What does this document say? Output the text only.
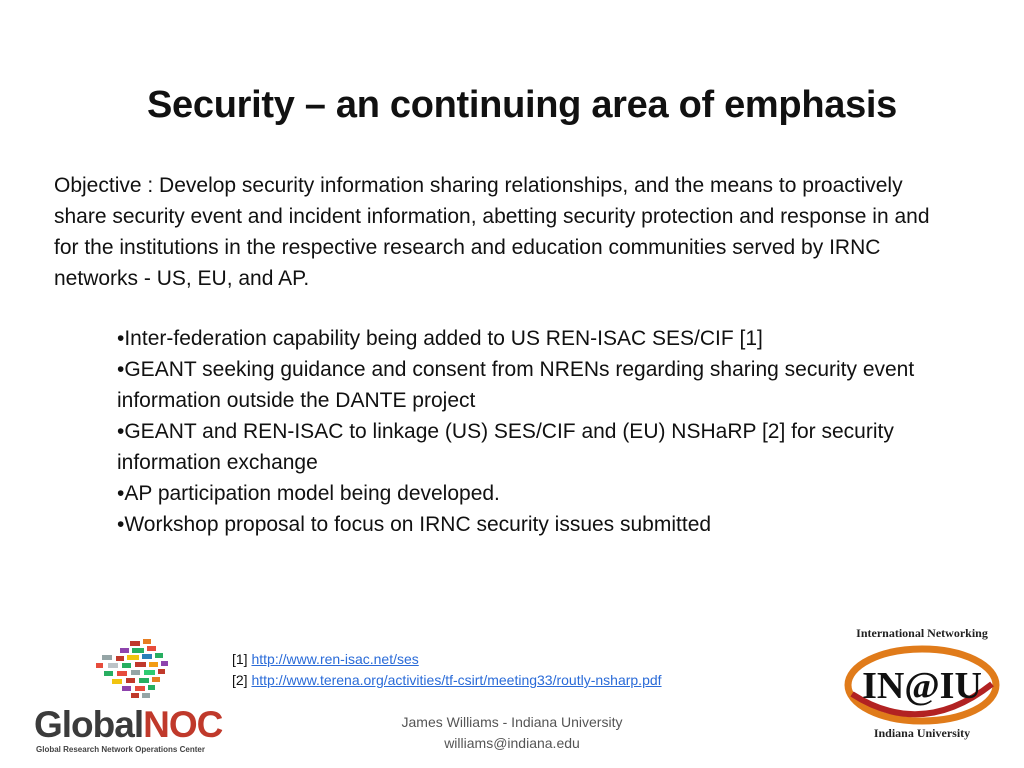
Security – an continuing area of emphasis
Objective : Develop security information sharing relationships, and the means to proactively share security event and incident information, abetting security protection and response in and for the institutions in the respective research and education communities served by IRNC networks - US, EU, and AP.
•Inter-federation capability being added to US REN-ISAC SES/CIF [1]
•GEANT seeking guidance and consent from NRENs regarding sharing security event information outside the DANTE project
•GEANT and REN-ISAC to linkage (US) SES/CIF and (EU) NSHaRP [2] for security information exchange
•AP participation model being developed.
•Workshop proposal to focus on IRNC security issues submitted
[1] http://www.ren-isac.net/ses
[2] http://www.terena.org/activities/tf-csirt/meeting33/routly-nsharp.pdf
James Williams - Indiana University
williams@indiana.edu
GlobalNOC
Global Research Network Operations Center
International Networking
IN@IU
Indiana University
